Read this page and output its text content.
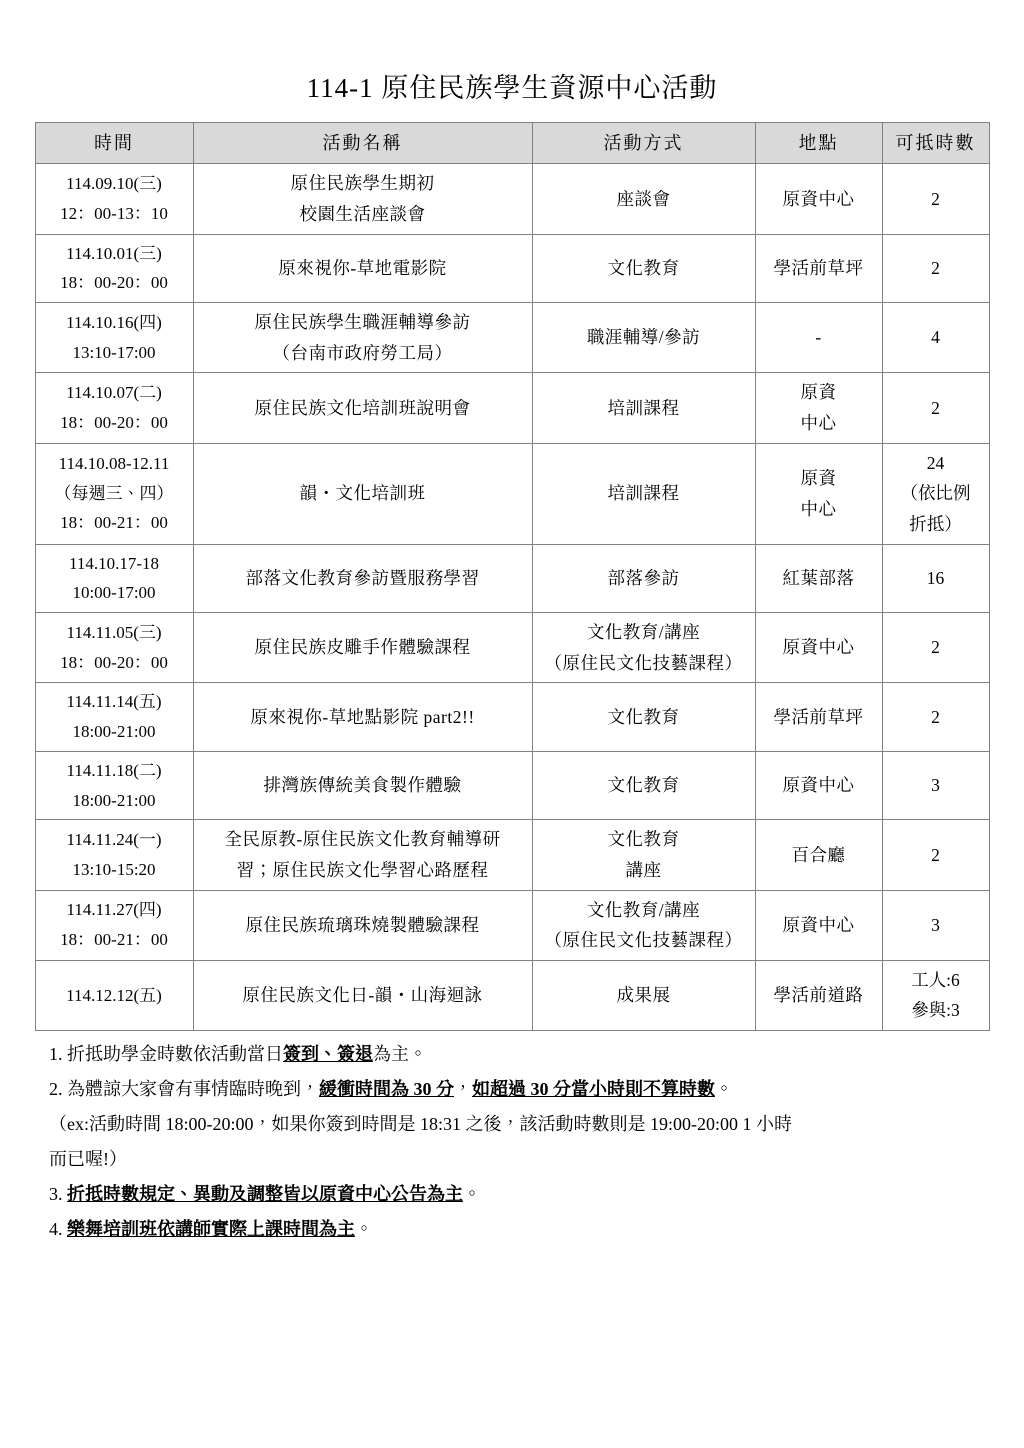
114-1 原住民族學生資源中心活動
時間	活動名稱	活動方式	地點	可抵時數

114.09.10(三)
12：00-13：10	原住民族學生期初
校園生活座談會	座談會	原資中心	2

114.10.01(三)
18：00-20：00	原來視你-草地電影院	文化教育	學活前草坪	2

114.10.16(四)
13:10-17:00	原住民族學生職涯輔導參訪
（台南市政府勞工局）	職涯輔導/參訪	-	4

114.10.07(二)
18：00-20：00	原住民族文化培訓班說明會	培訓課程	原資
中心	2

114.10.08-12.11
（每週三、四）
18：00-21：00	韻・文化培訓班	培訓課程	原資
中心	24
（依比例
折抵）

114.10.17-18
10:00-17:00	部落文化教育參訪暨服務學習	部落參訪	紅葉部落	16

114.11.05(三)
18：00-20：00	原住民族皮雕手作體驗課程	文化教育/講座
（原住民文化技藝課程）	原資中心	2

114.11.14(五)
18:00-21:00	原來視你-草地點影院 part2!!	文化教育	學活前草坪	2

114.11.18(二)
18:00-21:00	排灣族傳統美食製作體驗	文化教育	原資中心	3

114.11.24(一)
13:10-15:20	全民原教-原住民族文化教育輔導研
習；原住民族文化學習心路歷程	文化教育
講座	百合廳	2

114.11.27(四)
18：00-21：00	原住民族琉璃珠燒製體驗課程	文化教育/講座
（原住民文化技藝課程）	原資中心	3

114.12.12(五)	原住民族文化日-韻・山海迴詠	成果展	學活前道路	工人:6
參與:3
1. 折抵助學金時數依活動當日簽到、簽退為主。
2. 為體諒大家會有事情臨時晚到，緩衝時間為 30 分，如超過 30 分當小時則不算時數。
（ex:活動時間 18:00-20:00，如果你簽到時間是 18:31 之後，該活動時數則是 19:00-20:00 1 小時
而已喔!）
3. 折抵時數規定、異動及調整皆以原資中心公告為主。
4. 樂舞培訓班依講師實際上課時間為主。
